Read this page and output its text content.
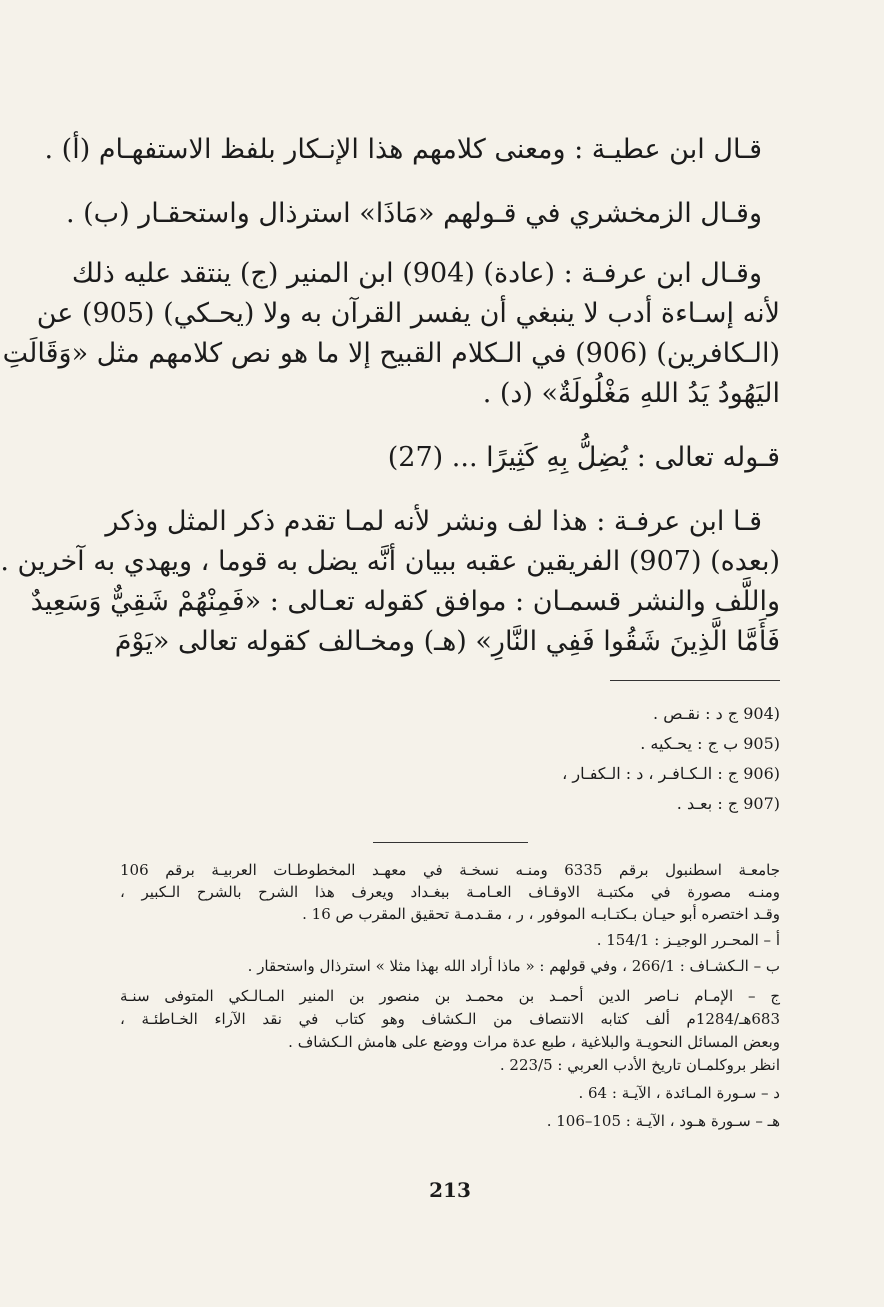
قـال ابن عطيـة : ومعنى كلامهم هذا الإنـكار بلفظ الاستفهـام (أ) .
وقـال الزمخشري في قـولهم «مَاذَا» استرذال واستحقـار (ب) .
وقـال ابن عرفـة : (عادة) (904) ابن المنير (ج) ينتقد عليه ذلك
لأنه إسـاءة أدب لا ينبغي أن يفسر القرآن به ولا (يحـكي) (905) عن
(الـكافرين) (906) في الـكلام القبيح إلا ما هو نص كلامهم مثل «وَقَالَتِ
اليَهُودُ يَدُ اللهِ مَغْلُولَةٌ» (د) .
قـوله تعالى : يُضِلُّ بِهِ كَثِيرًا ... (27)
قـا ابن عرفـة : هذا لف ونشر لأنه لمـا تقدم ذكر المثل وذكر
(بعده) (907) الفريقين عقبه ببيان أنَّه يضل به قوما ، ويهدي به آخرين .
واللَّف والنشر قسمـان : موافق كقوله تعـالى : «فَمِنْهُمْ شَقِيٌّ وَسَعِيدٌ
فَأَمَّا الَّذِينَ شَقُوا فَفِي النَّارِ» (هـ) ومخـالف كقوله تعالى «يَوْمَ
904) ج د : نقـص .
905) ب ج : يحـكيه .
906) ج : الـكـافـر ، د : الـكفـار ،
907) ج : بعـد .
جامعـة اسطنبول برقم 6335 ومنـه نسخـة في معهـد المخطوطـات العربيـة برقم 106
ومنـه مصورة في مكتبـة الاوقـاف العـامـة ببغـداد ويعرف هذا الشرح بالشرح الـكبير ،
وقـد اختصره أبو حيـان بـكتـابـه الموفور ، ر ، مقـدمـة تحقيق المقرب ص 16 .
أ – المحـرر الوجيـز : 154/1 .
ب – الـكشـاف : 266/1 ، وفي قولهم : « ماذا أراد الله بهذا مثلا » استرذال واستحقار .
ج – الإمـام نـاصر الدين أحمـد بن محمـد بن منصور بن المنير المـالـكي المتوفى سنـة
683هـ/1284م ألف كتابه الانتصاف من الـكشاف وهو كتاب في نقد الآراء الخـاطئـة ،
وبعض المسائل النحويـة والبلاغية ، طبع عدة مرات ووضع على هامش الـكشاف .
انظر بروكلمـان تاريخ الأدب العربي : 223/5 .
د – سـورة المـائدة ، الآيـة : 64 .
هـ – سـورة هـود ، الآيـة : 105–106 .
213
